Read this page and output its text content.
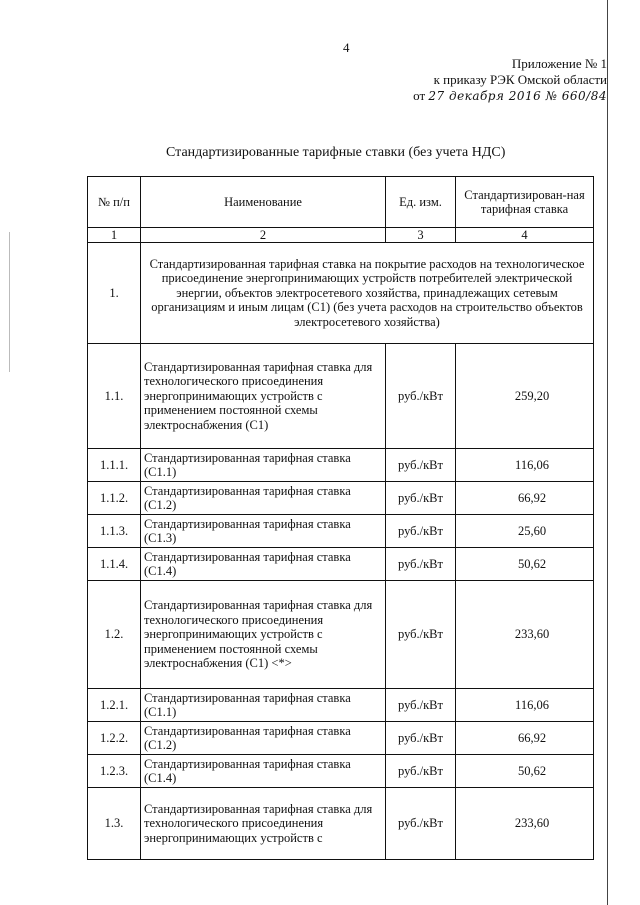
4
Приложение № 1
к приказу РЭК Омской области
от 27 декабря 2016 № 660/84
Стандартизированные тарифные ставки (без учета НДС)
№ п/п	Наименование	Ед. изм.	Стандартизирован-ная тарифная ставка
1	2	3	4
1.	Стандартизированная тарифная ставка на покрытие расходов на технологическое присоединение энергопринимающих устройств потребителей электрической энергии, объектов электросетевого хозяйства, принадлежащих сетевым организациям и иным лицам (С1) (без учета расходов на строительство объектов электросетевого хозяйства)		
1.1.	Стандартизированная тарифная ставка для технологического присоединения энергопринимающих устройств с применением постоянной схемы электроснабжения (С1)	руб./кВт	259,20
1.1.1.	Стандартизированная тарифная ставка (С1.1)	руб./кВт	116,06
1.1.2.	Стандартизированная тарифная ставка (С1.2)	руб./кВт	66,92
1.1.3.	Стандартизированная тарифная ставка (С1.3)	руб./кВт	25,60
1.1.4.	Стандартизированная тарифная ставка (С1.4)	руб./кВт	50,62
1.2.	Стандартизированная тарифная ставка для технологического присоединения энергопринимающих устройств с применением постоянной схемы электроснабжения (С1) <*>	руб./кВт	233,60
1.2.1.	Стандартизированная тарифная ставка (С1.1)	руб./кВт	116,06
1.2.2.	Стандартизированная тарифная ставка (С1.2)	руб./кВт	66,92
1.2.3.	Стандартизированная тарифная ставка (С1.4)	руб./кВт	50,62
1.3.	Стандартизированная тарифная ставка для технологического присоединения энергопринимающих устройств с	руб./кВт	233,60
